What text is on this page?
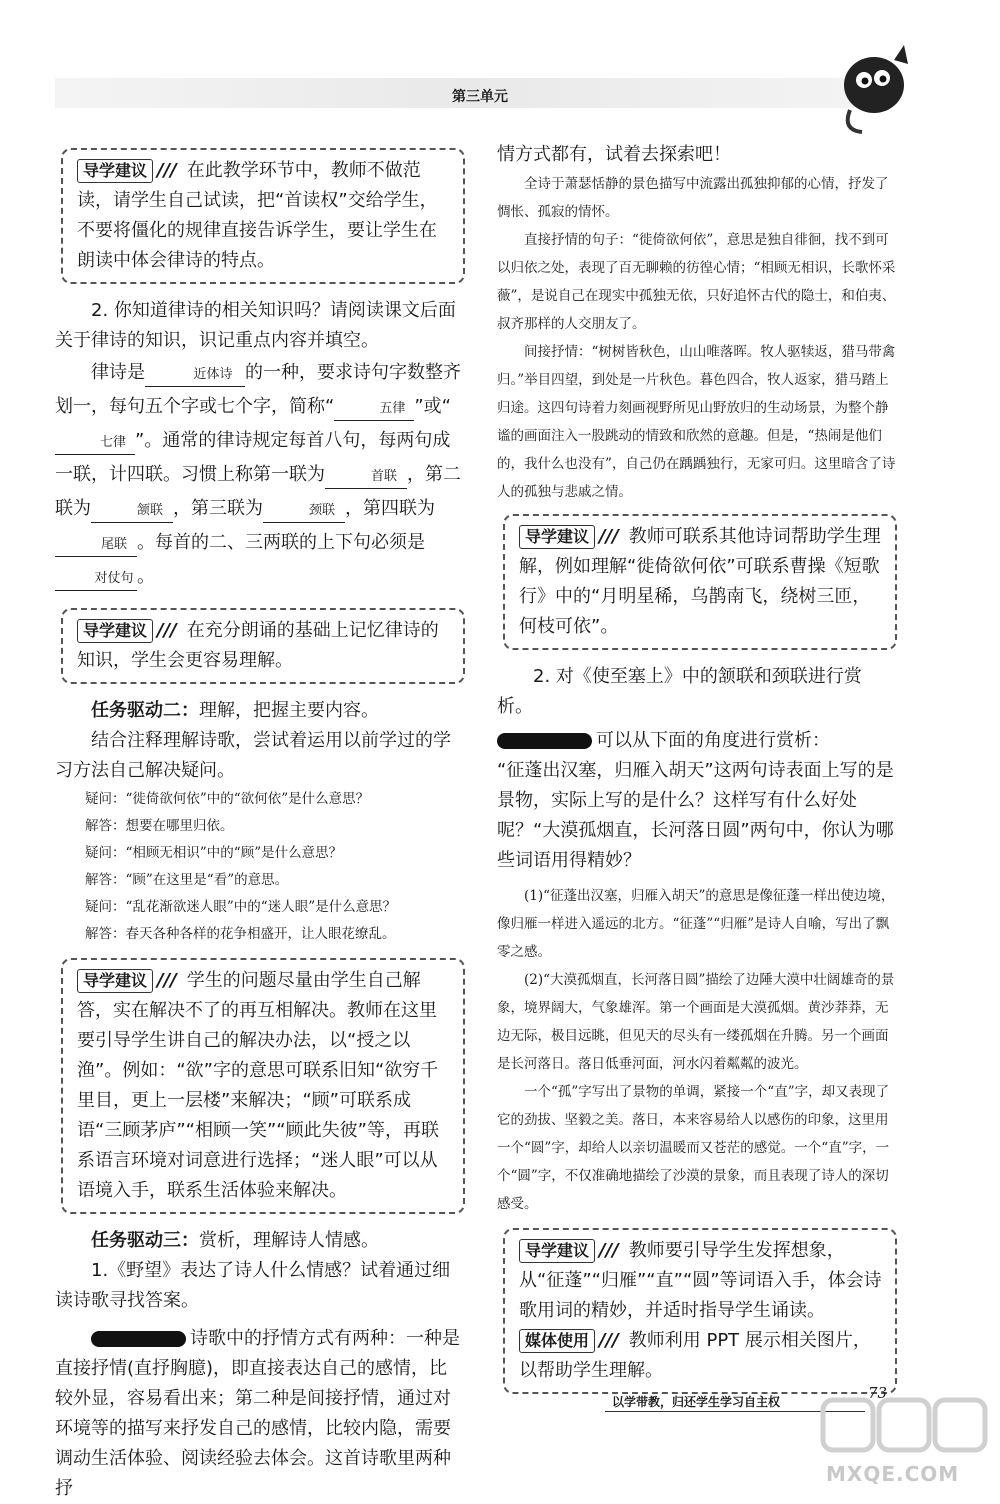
第三单元

导学建议 /// 在此教学环节中，教师不做范读，请学生自己试读，把“首读权”交给学生，不要将僵化的规律直接告诉学生，要让学生在朗读中体会律诗的特点。

2. 你知道律诗的相关知识吗？请阅读课文后面关于律诗的知识，识记重点内容并填空。

律诗是	近体诗 的一种，要求诗句字数整齐划一，每句五个字或七个字，简称“	五律 ”或“七律 ”。通常的律诗规定每首八句，每两句成一联，计四联。习惯上称第一联为	首联 ，第二联为	颔联 ，第三联为	颈联 ，第四联为尾联 。每首的二、三两联的上下句必须是对仗句 。

导学建议 /// 在充分朗诵的基础上记忆律诗的知识，学生会更容易理解。

任务驱动二：理解，把握主要内容。

结合注释理解诗歌，尝试着运用以前学过的学习方法自己解决疑问。

疑问：“徙倚欲何依”中的“欲何依”是什么意思？

解答：想要在哪里归依。

疑问：“相顾无相识”中的“顾”是什么意思？

解答：“顾”在这里是“看”的意思。

疑问：“乱花渐欲迷人眼”中的“迷人眼”是什么意思？

解答：春天各种各样的花争相盛开，让人眼花缭乱。

导学建议 /// 学生的问题尽量由学生自己解答，实在解决不了的再互相解决。教师在这里要引导学生讲自己的解决办法，以“授之以渔”。例如：“欲”字的意思可联系旧知“欲穷千里目，更上一层楼”来解决；“顾”可联系成语“三顾茅庐”“相顾一笑”“顾此失彼”等，再联系语言环境对词意进行选择；“迷人眼”可以从语境入手，联系生活体验来解决。

任务驱动三：赏析，理解诗人情感。

1.《野望》表达了诗人什么情感？试着通过细读诗歌寻找答案。

诗歌中的抒情方式有两种：一种是直接抒情(直抒胸臆)，即直接表达自己的感情，比较外显，容易看出来；第二种是间接抒情，通过对环境等的描写来抒发自己的感情，比较内隐，需要调动生活体验、阅读经验去体会。这首诗歌里两种抒

情方式都有，试着去探索吧！

全诗于萧瑟恬静的景色描写中流露出孤独抑郁的心情，抒发了惆怅、孤寂的情怀。

直接抒情的句子：“徙倚欲何依”，意思是独自徘徊，找不到可以归依之处，表现了百无聊赖的彷徨心情；“相顾无相识，长歌怀采薇”，是说自己在现实中孤独无依，只好追怀古代的隐士，和伯夷、叔齐那样的人交朋友了。

间接抒情：“树树皆秋色，山山唯落晖。牧人驱犊返，猎马带禽归。”举目四望，到处是一片秋色。暮色四合，牧人返家，猎马踏上归途。这四句诗着力刻画视野所见山野放归的生动场景，为整个静谧的画面注入一股跳动的情致和欣然的意趣。但是，“热闹是他们的，我什么也没有”，自己仍在踽踽独行，无家可归。这里暗含了诗人的孤独与悲戚之情。

导学建议 /// 教师可联系其他诗词帮助学生理解，例如理解“徙倚欲何依”可联系曹操《短歌行》中的“月明星稀，乌鹊南飞，绕树三匝，何枝可依”。

2. 对《使至塞上》中的颔联和颈联进行赏析。

可以从下面的角度进行赏析：

“征蓬出汉塞，归雁入胡天”这两句诗表面上写的是景物，实际上写的是什么？这样写有什么好处呢？“大漠孤烟直，长河落日圆”两句中，你认为哪些词语用得精妙？

(1)“征蓬出汉塞，归雁入胡天”的意思是像征蓬一样出使边境，像归雁一样进入遥远的北方。“征蓬”“归雁”是诗人自喻，写出了飘零之感。

(2)“大漠孤烟直，长河落日圆”描绘了边陲大漠中壮阔雄奇的景象，境界阔大，气象雄浑。第一个画面是大漠孤烟。黄沙莽莽，无边无际，极目远眺，但见天的尽头有一缕孤烟在升腾。另一个画面是长河落日。落日低垂河面，河水闪着粼粼的波光。

一个“孤”字写出了景物的单调，紧接一个“直”字，却又表现了它的劲拔、坚毅之美。落日，本来容易给人以感伤的印象，这里用一个“圆”字，却给人以亲切温暖而又苍茫的感觉。一个“直”字，一个“圆”字，不仅准确地描绘了沙漠的景象，而且表现了诗人的深切感受。

导学建议 /// 教师要引导学生发挥想象，从“征蓬”“归雁”“直”“圆”等词语入手，体会诗歌用词的精妙，并适时指导学生诵读。

媒体使用 /// 教师利用 PPT 展示相关图片，以帮助学生理解。

以学带教，归还学生学习自主权	73
MXQE.COM
